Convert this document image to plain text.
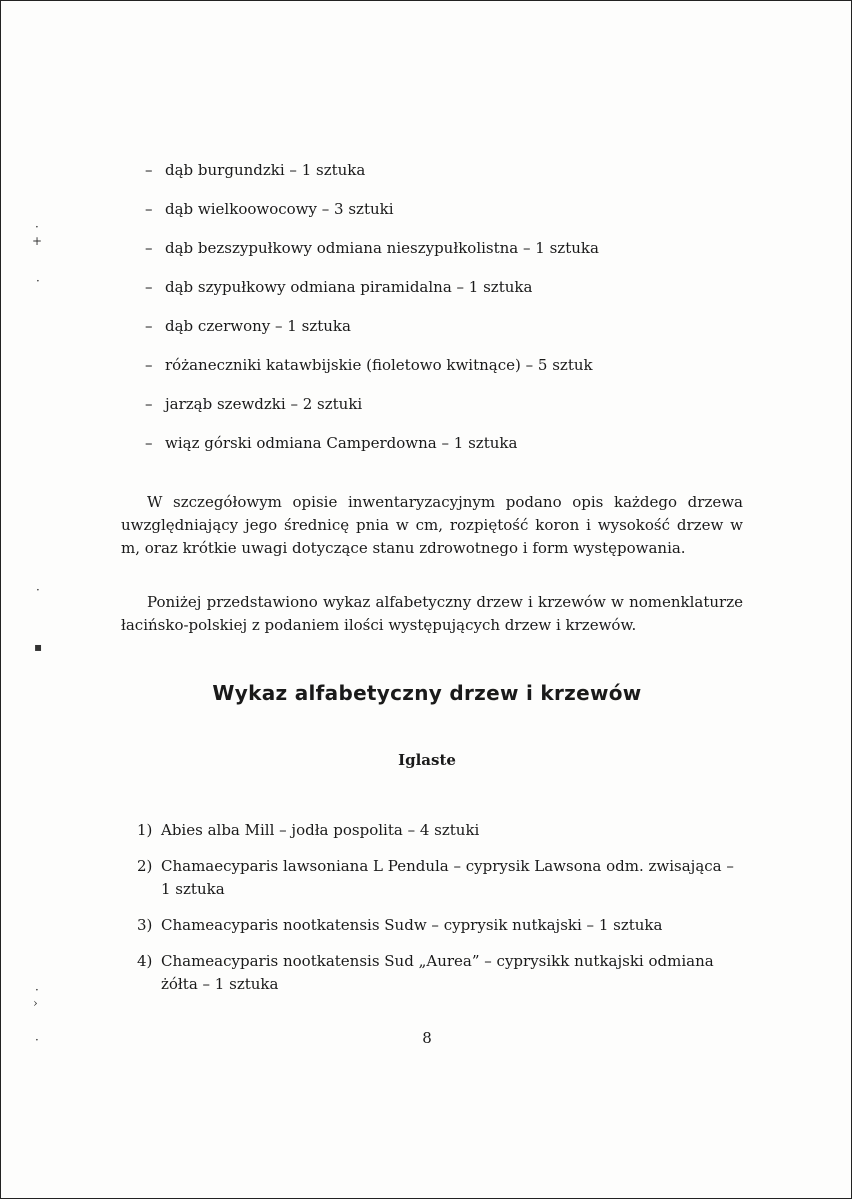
– dąb burgundzki – 1 sztuka
– dąb wielkoowocowy – 3 sztuki
– dąb bezszypułkowy odmiana nieszypułkolistna – 1 sztuka
– dąb szypułkowy odmiana piramidalna – 1 sztuka
– dąb czerwony – 1 sztuka
– różaneczniki katawbijskie (fioletowo kwitnące) – 5 sztuk
– jarząb szewdzki – 2 sztuki
– wiąz górski odmiana Camperdowna – 1 sztuka

W szczegółowym opisie inwentaryzacyjnym podano opis każdego drzewa uwzględniający jego średnicę pnia w cm, rozpiętość koron i wysokość drzew w m, oraz krótkie uwagi dotyczące stanu zdrowotnego i form występowania.

Poniżej przedstawiono wykaz alfabetyczny drzew i krzewów w nomenklaturze łacińsko-polskiej z podaniem ilości występujących drzew i krzewów.

Wykaz alfabetyczny drzew i krzewów
Iglaste
1) Abies alba Mill – jodła pospolita – 4 sztuki
2) Chamaecyparis lawsoniana L Pendula – cyprysik Lawsona odm. zwisająca – 1 sztuka
3) Chameacyparis nootkatensis Sudw – cyprysik nutkajski – 1 sztuka
4) Chameacyparis nootkatensis Sud „Aurea” – cyprysikk nutkajski odmiana żółta – 1 sztuka
8
·
+
·
·
▪
·
›
·
